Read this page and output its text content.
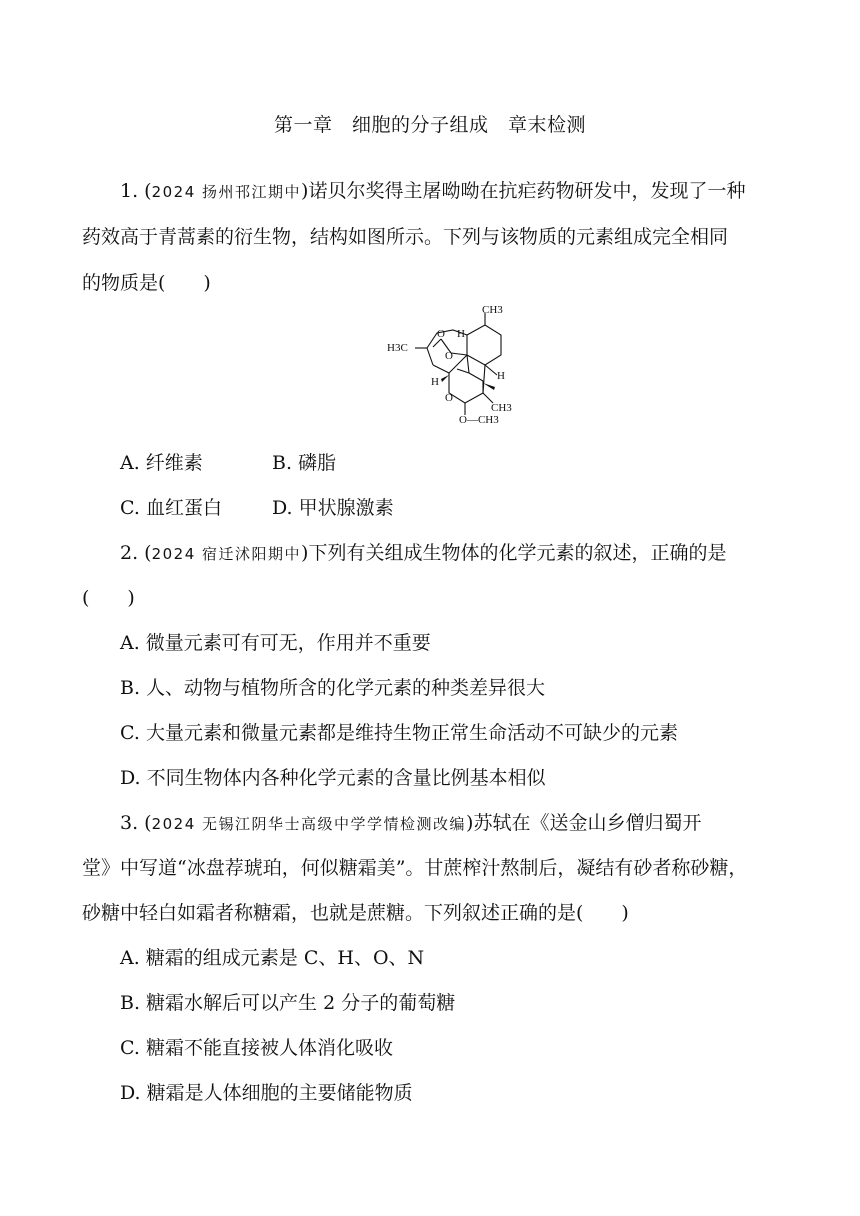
第一章　细胞的分子组成　章末检测
1. (2024 扬州邗江期中)诺贝尔奖得主屠呦呦在抗疟药物研发中，发现了一种
药效高于青蒿素的衍生物，结构如图所示。下列与该物质的元素组成完全相同
的物质是(　　)
H3C
CH3
H
H	H
CH3
O—CH3
O
O
O
A. 纤维素	B. 磷脂
C. 血红蛋白	D. 甲状腺激素
2. (2024 宿迁沭阳期中)下列有关组成生物体的化学元素的叙述，正确的是
(　　)
A. 微量元素可有可无，作用并不重要
B. 人、动物与植物所含的化学元素的种类差异很大
C. 大量元素和微量元素都是维持生物正常生命活动不可缺少的元素
D. 不同生物体内各种化学元素的含量比例基本相似
3. (2024 无锡江阴华士高级中学学情检测改编)苏轼在《送金山乡僧归蜀开
堂》中写道“冰盘荐琥珀，何似糖霜美”。甘蔗榨汁熬制后，凝结有砂者称砂糖，
砂糖中轻白如霜者称糖霜，也就是蔗糖。下列叙述正确的是(　　)
A. 糖霜的组成元素是 C、H、O、N
B. 糖霜水解后可以产生 2 分子的葡萄糖
C. 糖霜不能直接被人体消化吸收
D. 糖霜是人体细胞的主要储能物质
